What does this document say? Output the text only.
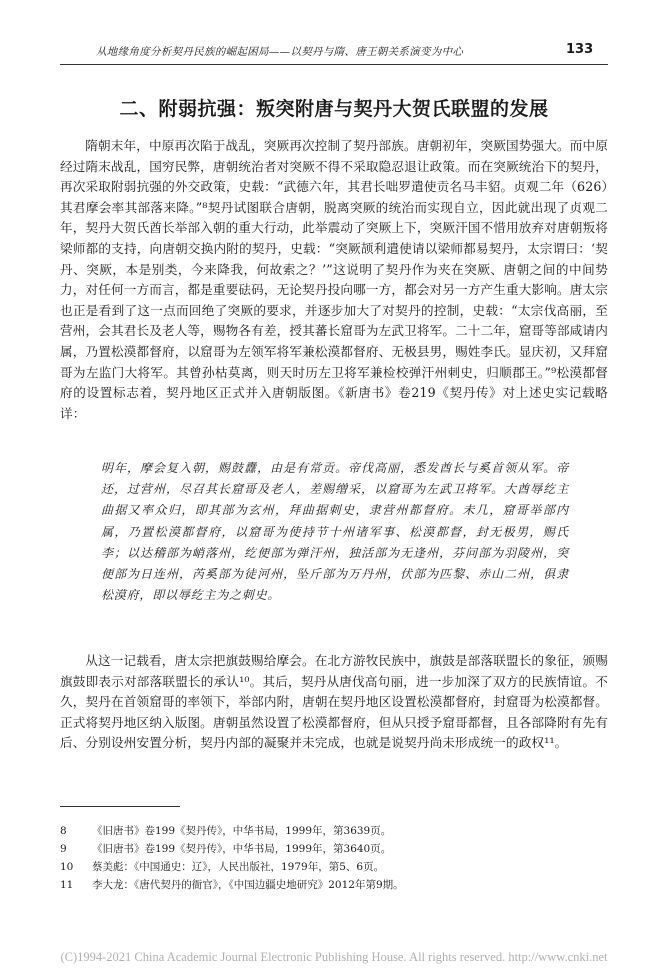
从地缘角度分析契丹民族的崛起困局——以契丹与隋、唐王朝关系演变为中心	133
二、附弱抗强：叛突附唐与契丹大贺氏联盟的发展
隋朝末年，中原再次陷于战乱，突厥再次控制了契丹部族。唐朝初年，突厥国势强大。而中原经过隋末战乱，国穷民弊，唐朝统治者对突厥不得不采取隐忍退让政策。而在突厥统治下的契丹，再次采取附弱抗强的外交政策，史载：“武德六年，其君长咄罗遣使贡名马丰貂。贞观二年（626）其君摩会率其部落来降。”⁸契丹试图联合唐朝，脱离突厥的统治而实现自立，因此就出现了贞观二年，契丹大贺氏酋长举部入朝的重大行动，此举震动了突厥上下，突厥汗国不惜用放弃对唐朝叛将梁师都的支持，向唐朝交换内附的契丹，史载：“突厥颉利遣使请以梁师都易契丹，太宗谓曰：‘契丹、突厥，本是别类，今来降我，何故索之？’”这说明了契丹作为夹在突厥、唐朝之间的中间势力，对任何一方而言，都是重要砝码，无论契丹投向哪一方，都会对另一方产生重大影响。唐太宗也正是看到了这一点而回绝了突厥的要求，并逐步加大了对契丹的控制，史载：“太宗伐高丽，至营州，会其君长及老人等，赐物各有差，授其蕃长窟哥为左武卫将军。二十二年，窟哥等部咸请内属，乃置松漠都督府，以窟哥为左领军将军兼松漠都督府、无极县男，赐姓李氏。显庆初，又拜窟哥为左监门大将军。其曾孙枯莫离，则天时历左卫将军兼检校弹汗州刺史，归顺郡王。”⁹松漠都督府的设置标志着，契丹地区正式并入唐朝版图。《新唐书》卷219《契丹传》对上述史实记载略详：
明年，摩会复入朝，赐鼓纛，由是有常贡。帝伐高丽，悉发酋长与奚首领从军。帝还，过营州，尽召其长窟哥及老人，差赐缯采，以窟哥为左武卫将军。大酋辱纥主曲据又率众归，即其部为玄州，拜曲据刺史，隶营州都督府。未几，窟哥举部内属，乃置松漠都督府，以窟哥为使持节十州诸军事、松漠都督，封无极男，赐氏李；以达稽部为峭落州，纥便部为弹汗州，独活部为无逢州，芬问部为羽陵州，突便部为日连州，芮奚部为徒河州，坠斤部为万丹州，伏部为匹黎、赤山二州，俱隶松漠府，即以辱纥主为之刺史。
从这一记载看，唐太宗把旗鼓赐给摩会。在北方游牧民族中，旗鼓是部落联盟长的象征，颁赐旗鼓即表示对部落联盟长的承认¹⁰。其后，契丹从唐伐高句丽，进一步加深了双方的民族情谊。不久，契丹在首领窟哥的率领下，举部内附，唐朝在契丹地区设置松漠都督府，封窟哥为松漠都督。正式将契丹地区纳入版图。唐朝虽然设置了松漠都督府，但从只授予窟哥都督，且各部降附有先有后、分别设州安置分析，契丹内部的凝聚并未完成，也就是说契丹尚未形成统一的政权¹¹。
8 《旧唐书》卷199《契丹传》，中华书局，1999年，第3639页。
9 《旧唐书》卷199《契丹传》，中华书局，1999年，第3640页。
10 蔡美彪：《中国通史：辽》，人民出版社，1979年，第5、6页。
11 李大龙：《唐代契丹的衙官》，《中国边疆史地研究》2012年第9期。
(C)1994-2021 China Academic Journal Electronic Publishing House. All rights reserved. http://www.cnki.net
